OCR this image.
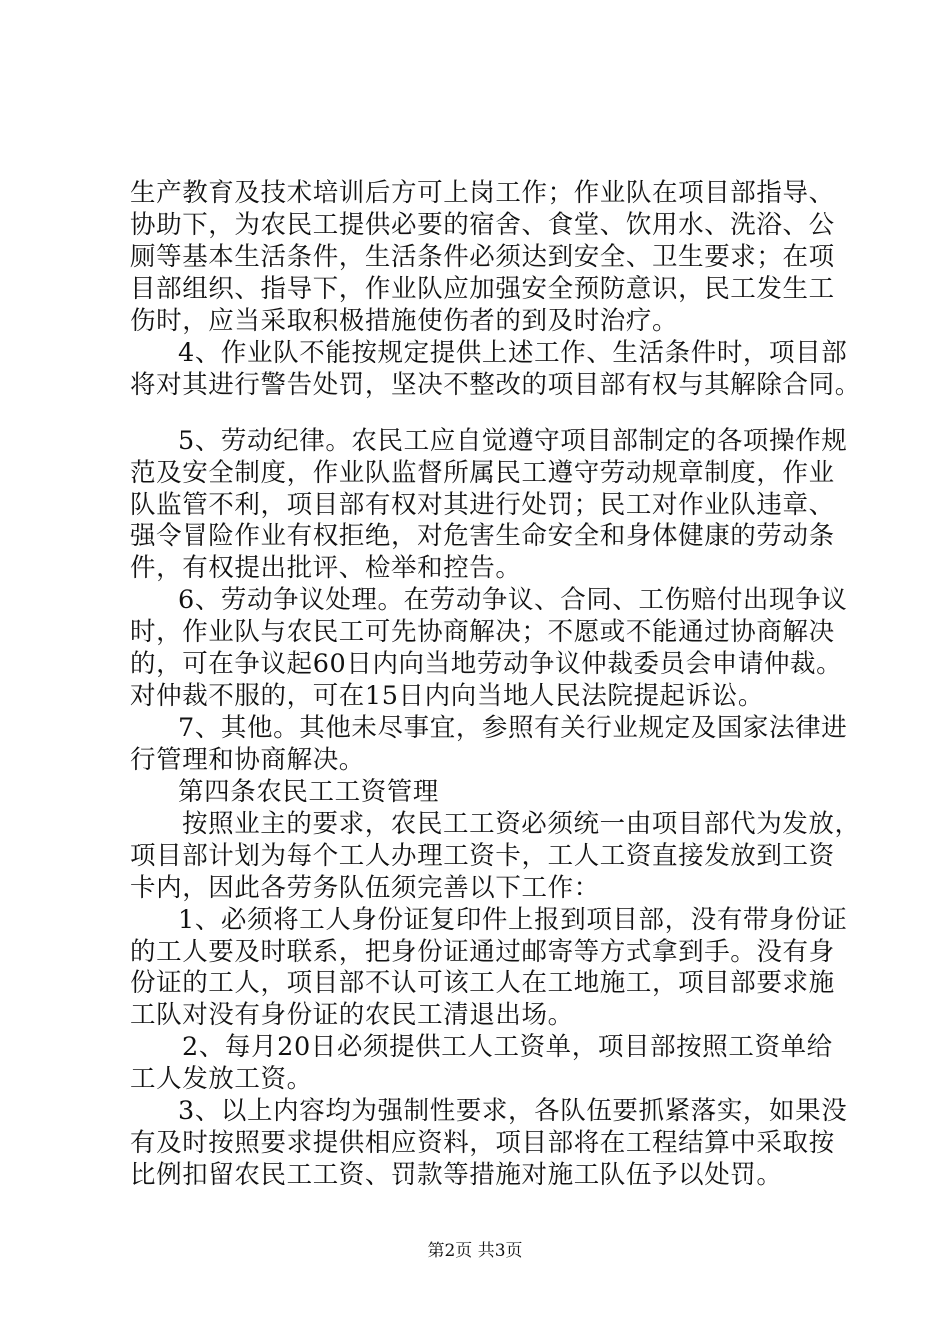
生产教育及技术培训后方可上岗工作；作业队在项目部指导、
协助下，为农民工提供必要的宿舍、食堂、饮用水、洗浴、公
厕等基本生活条件，生活条件必须达到安全、卫生要求；在项
目部组织、指导下，作业队应加强安全预防意识，民工发生工
伤时，应当采取积极措施使伤者的到及时治疗。
4、作业队不能按规定提供上述工作、生活条件时，项目部
将对其进行警告处罚，坚决不整改的项目部有权与其解除合同。
5、劳动纪律。农民工应自觉遵守项目部制定的各项操作规
范及安全制度，作业队监督所属民工遵守劳动规章制度，作业
队监管不利，项目部有权对其进行处罚；民工对作业队违章、
强令冒险作业有权拒绝，对危害生命安全和身体健康的劳动条
件，有权提出批评、检举和控告。
6、劳动争议处理。在劳动争议、合同、工伤赔付出现争议
时，作业队与农民工可先协商解决；不愿或不能通过协商解决
的，可在争议起60日内向当地劳动争议仲裁委员会申请仲裁。
对仲裁不服的，可在15日内向当地人民法院提起诉讼。
7、其他。其他未尽事宜，参照有关行业规定及国家法律进
行管理和协商解决。
第四条农民工工资管理
按照业主的要求，农民工工资必须统一由项目部代为发放，
项目部计划为每个工人办理工资卡，工人工资直接发放到工资
卡内，因此各劳务队伍须完善以下工作：
1、必须将工人身份证复印件上报到项目部，没有带身份证
的工人要及时联系，把身份证通过邮寄等方式拿到手。没有身
份证的工人，项目部不认可该工人在工地施工，项目部要求施
工队对没有身份证的农民工清退出场。
2、每月20日必须提供工人工资单，项目部按照工资单给
工人发放工资。
3、以上内容均为强制性要求，各队伍要抓紧落实，如果没
有及时按照要求提供相应资料，项目部将在工程结算中采取按
比例扣留农民工工资、罚款等措施对施工队伍予以处罚。
第2页 共3页
